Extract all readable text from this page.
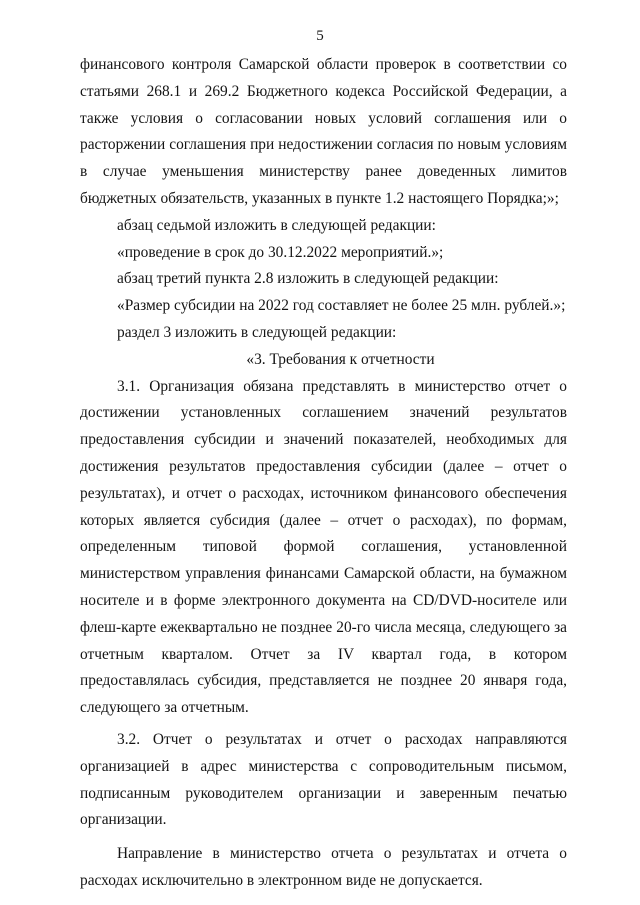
5

финансового контроля Самарской области проверок в соответствии со статьями 268.1 и 269.2 Бюджетного кодекса Российской Федерации, а также условия о согласовании новых условий соглашения или о расторжении соглашения при недостижении согласия по новым условиям в случае уменьшения министерству ранее доведенных лимитов бюджетных обязательств, указанных в пункте 1.2 настоящего Порядка;»;

абзац седьмой изложить в следующей редакции:

«проведение в срок до 30.12.2022 мероприятий.»;

абзац третий пункта 2.8 изложить в следующей редакции:

«Размер субсидии на 2022 год составляет не более 25 млн. рублей.»;

раздел 3 изложить в следующей редакции:

«3. Требования к отчетности

3.1. Организация обязана представлять в министерство отчет о достижении установленных соглашением значений результатов предоставления субсидии и значений показателей, необходимых для достижения результатов предоставления субсидии (далее – отчет о результатах), и отчет о расходах, источником финансового обеспечения которых является субсидия (далее – отчет о расходах), по формам, определенным типовой формой соглашения, установленной министерством управления финансами Самарской области, на бумажном носителе и в форме электронного документа на CD/DVD-носителе или флеш-карте ежеквартально не позднее 20-го числа месяца, следующего за отчетным кварталом. Отчет за IV квартал года, в котором предоставлялась субсидия, представляется не позднее 20 января года, следующего за отчетным.

3.2. Отчет о результатах и отчет о расходах направляются организацией в адрес министерства с сопроводительным письмом, подписанным руководителем организации и заверенным печатью организации.

Направление в министерство отчета о результатах и отчета о расходах исключительно в электронном виде не допускается.
